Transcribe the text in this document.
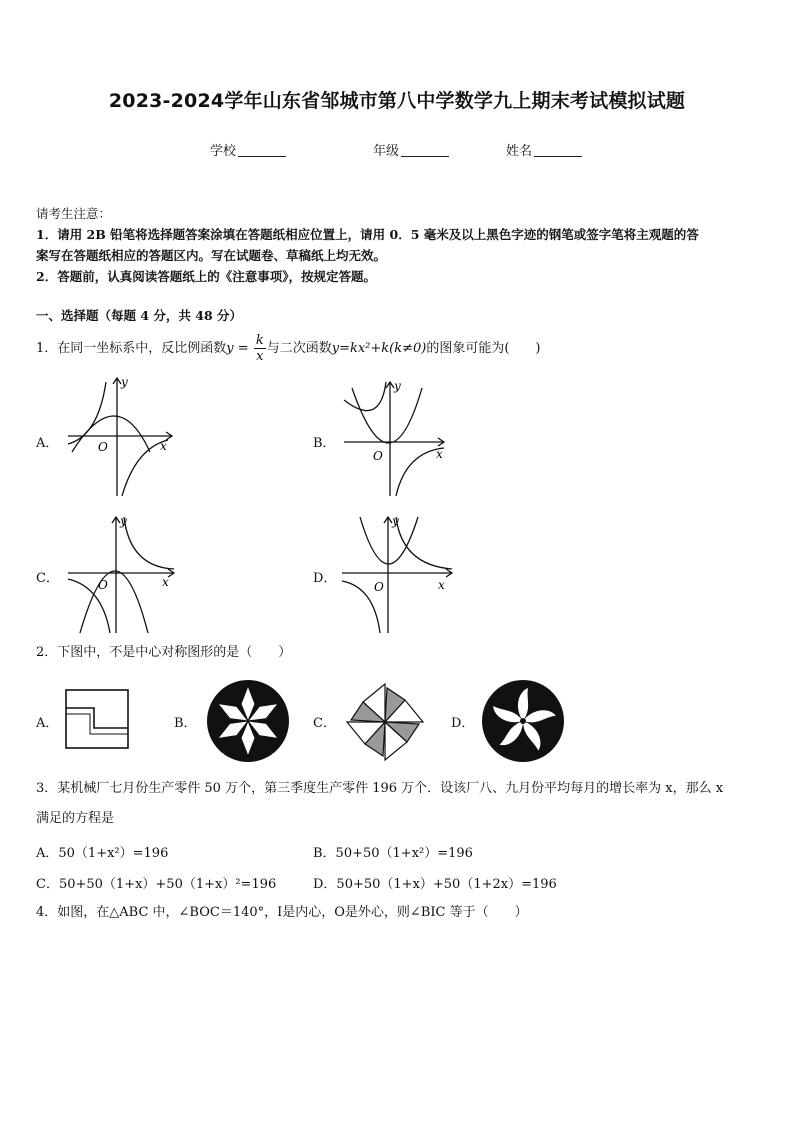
2023-2024学年山东省邹城市第八中学数学九上期末考试模拟试题
学校	年级	姓名
请考生注意：
1．请用 2B 铅笔将选择题答案涂填在答题纸相应位置上，请用 0．5 毫米及以上黑色字迹的钢笔或签字笔将主观题的答
案写在答题纸相应的答题区内。写在试题卷、草稿纸上均无效。
2．答题前，认真阅读答题纸上的《注意事项》，按规定答题。
一、选择题（每题 4 分，共 48 分）
1．在同一坐标系中，反比例函数$y = \frac{k}{x}$ 与二次函数y=kx²+k(k≠0)的图象可能为(　　)
A．	B．
C．	D．
x
y
O	x
y
O
x
y
O	x
y
O
2．下图中，不是中心对称图形的是（　　）
A．	B．	C．	D．
3．某机械厂七月份生产零件 50 万个，第三季度生产零件 196 万个．设该厂八、九月份平均每月的增长率为 x，那么 x
满足的方程是
A．50（1+x²）=196	B．50+50（1+x²）=196
C．50+50（1+x）+50（1+x）²=196	D．50+50（1+x）+50（1+2x）=196
4．如图，在△ABC 中，∠BOC＝140°，I是内心，O是外心，则∠BIC 等于（　　）
